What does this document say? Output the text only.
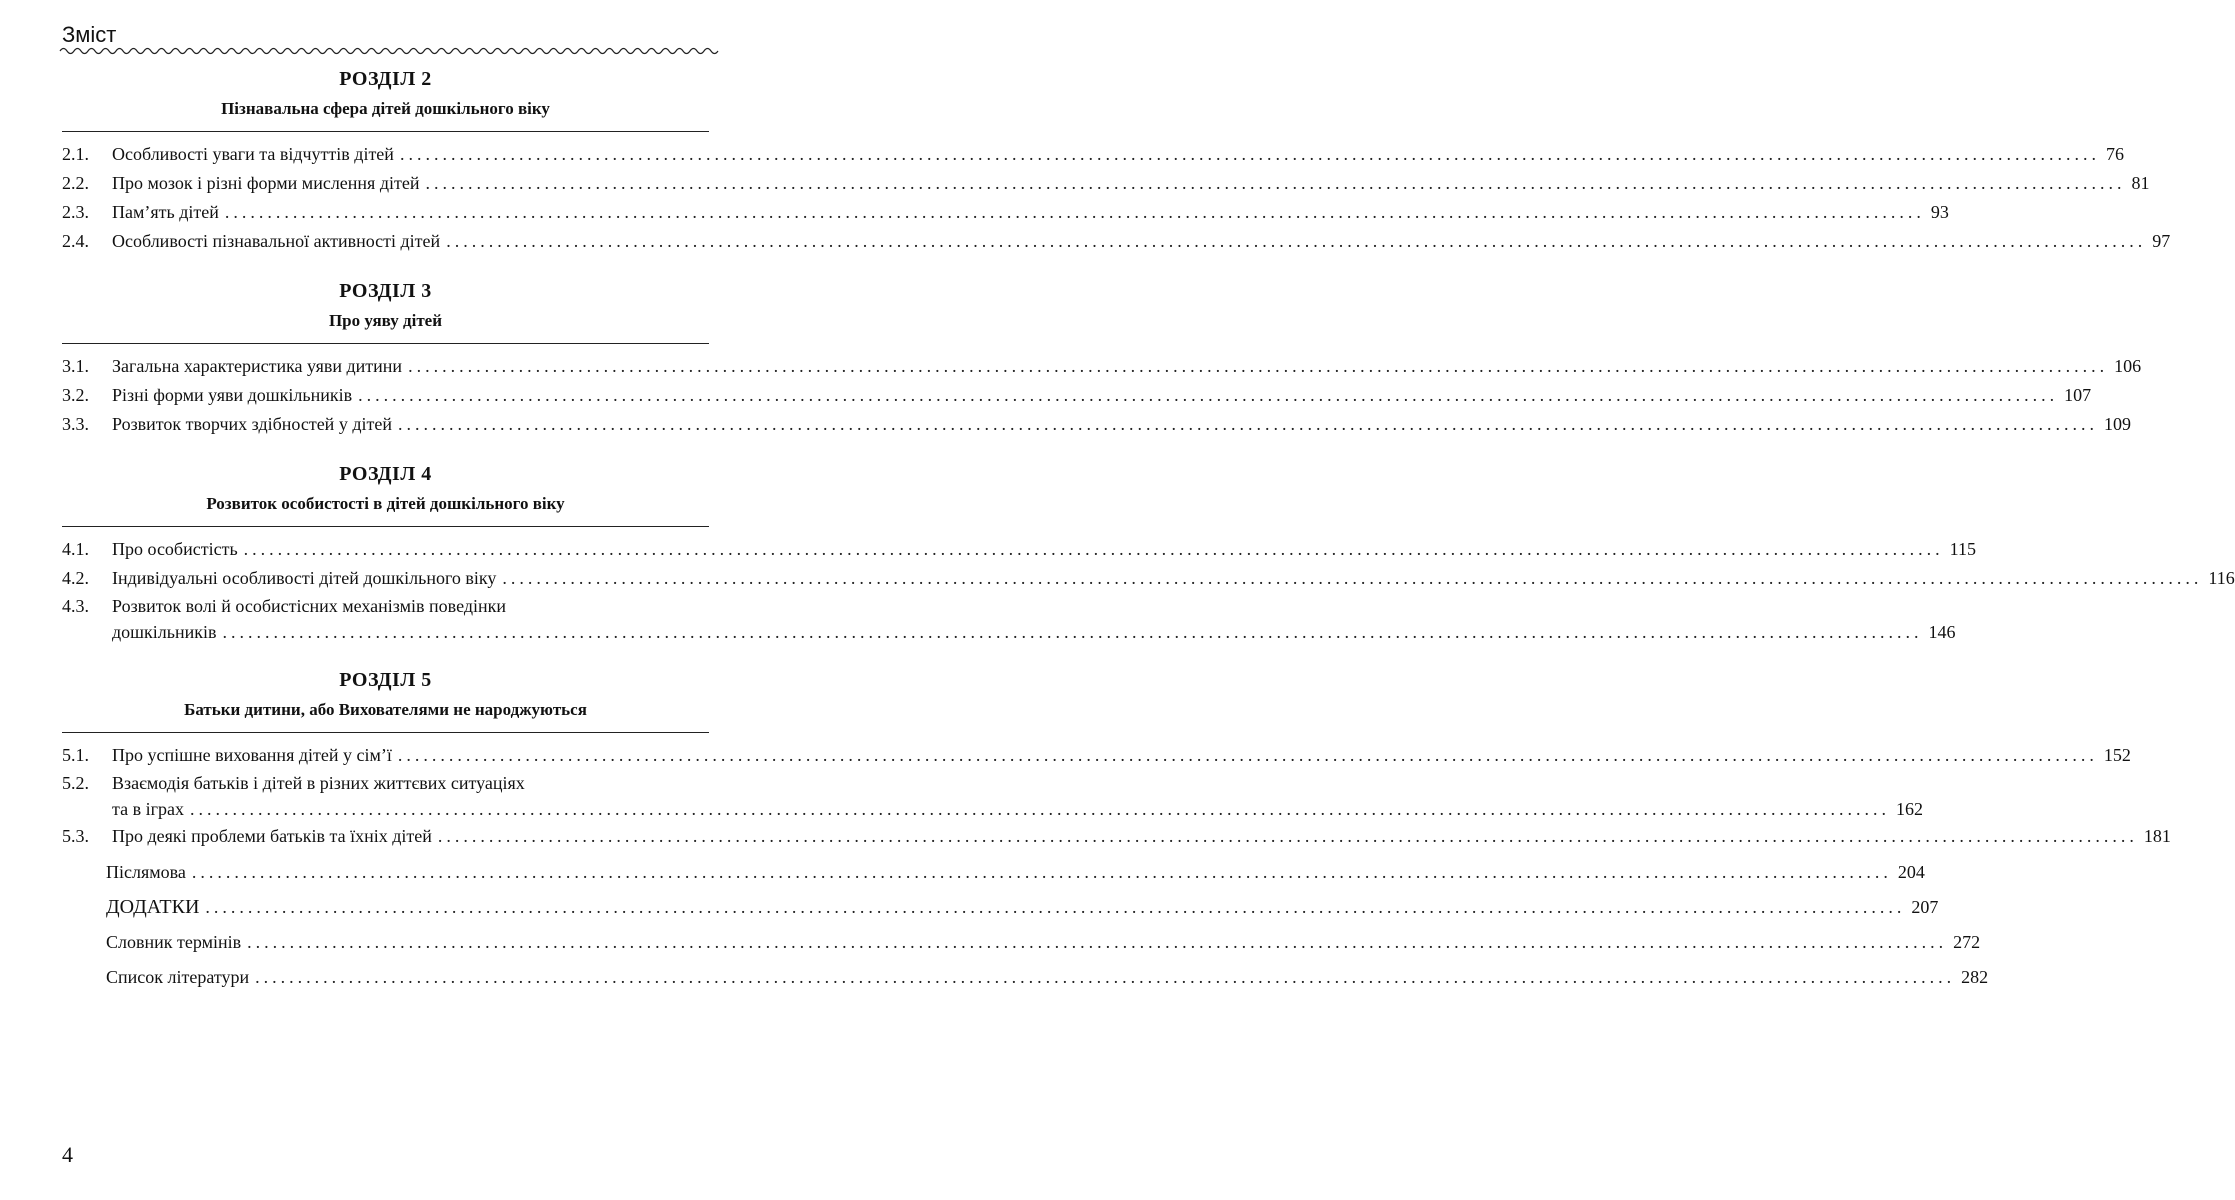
Зміст
РОЗДІЛ 2
Пізнавальна сфера дітей дошкільного віку
2.1.	Особливості уваги та відчуттів дітей ........................................................................................................................................................................................................ 76
2.2.	Про мозок і різні форми мислення дітей ........................................................................................................................................................................................................ 81
2.3.	Пам’ять дітей ........................................................................................................................................................................................................ 93
2.4.	Особливості пізнавальної активності дітей ........................................................................................................................................................................................................ 97
РОЗДІЛ 3
Про уяву дітей
3.1.	Загальна характеристика уяви дитини ........................................................................................................................................................................................................ 106
3.2.	Різні форми уяви дошкільників ........................................................................................................................................................................................................ 107
3.3.	Розвиток творчих здібностей у дітей ........................................................................................................................................................................................................ 109
РОЗДІЛ 4
Розвиток особистості в дітей дошкільного віку
4.1.	Про особистість ........................................................................................................................................................................................................ 115
4.2.	Індивідуальні особливості дітей дошкільного віку ........................................................................................................................................................................................................ 116
4.3.	Розвиток волі й особистісних механізмів поведінки
дошкільників ........................................................................................................................................................................................................ 146
РОЗДІЛ 5
Батьки дитини, або Вихователями не народжуються
5.1.	Про успішне виховання дітей у сім’ї ........................................................................................................................................................................................................ 152
5.2.	Взаємодія батьків і дітей в різних життєвих ситуаціях
та в іграх ........................................................................................................................................................................................................ 162
5.3.	Про деякі проблеми батьків та їхніх дітей ........................................................................................................................................................................................................ 181
Післямова ........................................................................................................................................................................................................ 204
ДОДАТКИ ........................................................................................................................................................................................................ 207
Словник термінів ........................................................................................................................................................................................................ 272
Список літератури ........................................................................................................................................................................................................ 282
4
